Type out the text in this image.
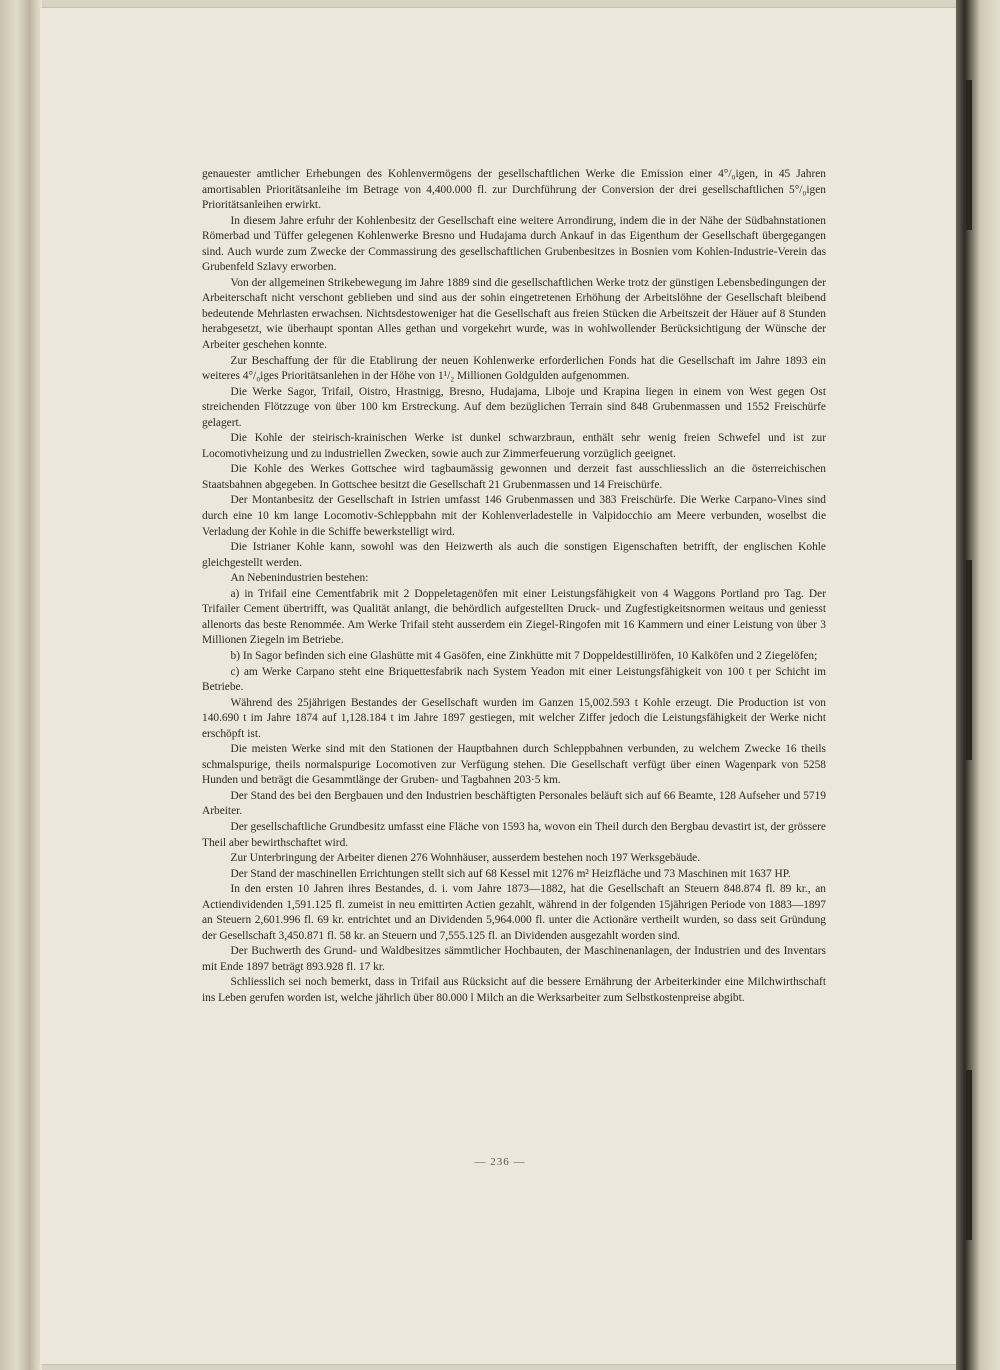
genauester amtlicher Erhebungen des Kohlenvermögens der gesellschaftlichen Werke die Emission einer 4°/₀igen, in 45 Jahren amortisablen Prioritätsanleihe im Betrage von 4,400.000 fl. zur Durchführung der Conversion der drei gesellschaftlichen 5°/₀igen Prioritätsanleihen erwirkt.

In diesem Jahre erfuhr der Kohlenbesitz der Gesellschaft eine weitere Arrondirung, indem die in der Nähe der Südbahnstationen Römerbad und Tüffer gelegenen Kohlenwerke Bresno und Hudajama durch Ankauf in das Eigenthum der Gesellschaft übergegangen sind. Auch wurde zum Zwecke der Commassirung des gesellschaftlichen Grubenbesitzes in Bosnien vom Kohlen-Industrie-Verein das Grubenfeld Szlavy erworben.

Von der allgemeinen Strikebewegung im Jahre 1889 sind die gesellschaftlichen Werke trotz der günstigen Lebensbedingungen der Arbeiterschaft nicht verschont geblieben und sind aus der sohin eingetretenen Erhöhung der Arbeitslöhne der Gesellschaft bleibend bedeutende Mehrlasten erwachsen. Nichtsdestoweniger hat die Gesellschaft aus freien Stücken die Arbeitszeit der Häuer auf 8 Stunden herabgesetzt, wie überhaupt spontan Alles gethan und vorgekehrt wurde, was in wohlwollender Berücksichtigung der Wünsche der Arbeiter geschehen konnte.

Zur Beschaffung der für die Etablirung der neuen Kohlenwerke erforderlichen Fonds hat die Gesellschaft im Jahre 1893 ein weiteres 4°/₀iges Prioritätsanlehen in der Höhe von 1¹/₂ Millionen Goldgulden aufgenommen.

Die Werke Sagor, Trifail, Oistro, Hrastnigg, Bresno, Hudajama, Liboje und Krapina liegen in einem von West gegen Ost streichenden Flötzzuge von über 100 km Erstreckung. Auf dem bezüglichen Terrain sind 848 Grubenmassen und 1552 Freischürfe gelagert.

Die Kohle der steirisch-krainischen Werke ist dunkel schwarzbraun, enthält sehr wenig freien Schwefel und ist zur Locomotivheizung und zu industriellen Zwecken, sowie auch zur Zimmerfeuerung vorzüglich geeignet.

Die Kohle des Werkes Gottschee wird tagbaumässig gewonnen und derzeit fast ausschliesslich an die österreichischen Staatsbahnen abgegeben. In Gottschee besitzt die Gesellschaft 21 Grubenmassen und 14 Freischürfe.

Der Montanbesitz der Gesellschaft in Istrien umfasst 146 Grubenmassen und 383 Freischürfe. Die Werke Carpano-Vines sind durch eine 10 km lange Locomotiv-Schleppbahn mit der Kohlenverladestelle in Valpidocchio am Meere verbunden, woselbst die Verladung der Kohle in die Schiffe bewerkstelligt wird.

Die Istrianer Kohle kann, sowohl was den Heizwerth als auch die sonstigen Eigenschaften betrifft, der englischen Kohle gleichgestellt werden.

An Nebenindustrien bestehen:

a) in Trifail eine Cementfabrik mit 2 Doppeletagenöfen mit einer Leistungsfähigkeit von 4 Waggons Portland pro Tag. Der Trifailer Cement übertrifft, was Qualität anlangt, die behördlich aufgestellten Druck- und Zugfestigkeitsnormen weitaus und geniesst allenorts das beste Renommée. Am Werke Trifail steht ausserdem ein Ziegel-Ringofen mit 16 Kammern und einer Leistung von über 3 Millionen Ziegeln im Betriebe.

b) In Sagor befinden sich eine Glashütte mit 4 Gasöfen, eine Zinkhütte mit 7 Doppeldestilliröfen, 10 Kalköfen und 2 Ziegelöfen;

c) am Werke Carpano steht eine Briquettesfabrik nach System Yeadon mit einer Leistungsfähigkeit von 100 t per Schicht im Betriebe.

Während des 25jährigen Bestandes der Gesellschaft wurden im Ganzen 15,002.593 t Kohle erzeugt. Die Production ist von 140.690 t im Jahre 1874 auf 1,128.184 t im Jahre 1897 gestiegen, mit welcher Ziffer jedoch die Leistungsfähigkeit der Werke nicht erschöpft ist.

Die meisten Werke sind mit den Stationen der Hauptbahnen durch Schleppbahnen verbunden, zu welchem Zwecke 16 theils schmalspurige, theils normalspurige Locomotiven zur Verfügung stehen. Die Gesellschaft verfügt über einen Wagenpark von 5258 Hunden und beträgt die Gesammtlänge der Gruben- und Tagbahnen 203·5 km.

Der Stand des bei den Bergbauen und den Industrien beschäftigten Personales beläuft sich auf 66 Beamte, 128 Aufseher und 5719 Arbeiter.

Der gesellschaftliche Grundbesitz umfasst eine Fläche von 1593 ha, wovon ein Theil durch den Bergbau devastirt ist, der grössere Theil aber bewirthschaftet wird.

Zur Unterbringung der Arbeiter dienen 276 Wohnhäuser, ausserdem bestehen noch 197 Werksgebäude.

Der Stand der maschinellen Errichtungen stellt sich auf 68 Kessel mit 1276 m² Heizfläche und 73 Maschinen mit 1637 HP.

In den ersten 10 Jahren ihres Bestandes, d. i. vom Jahre 1873—1882, hat die Gesellschaft an Steuern 848.874 fl. 89 kr., an Actiendividenden 1,591.125 fl. zumeist in neu emittirten Actien gezahlt, während in der folgenden 15jährigen Periode von 1883—1897 an Steuern 2,601.996 fl. 69 kr. entrichtet und an Dividenden 5,964.000 fl. unter die Actionäre vertheilt wurden, so dass seit Gründung der Gesellschaft 3,450.871 fl. 58 kr. an Steuern und 7,555.125 fl. an Dividenden ausgezahlt worden sind.

Der Buchwerth des Grund- und Waldbesitzes sämmtlicher Hochbauten, der Maschinenanlagen, der Industrien und des Inventars mit Ende 1897 beträgt 893.928 fl. 17 kr.

Schliesslich sei noch bemerkt, dass in Trifail aus Rücksicht auf die bessere Ernährung der Arbeiterkinder eine Milchwirthschaft ins Leben gerufen worden ist, welche jährlich über 80.000 l Milch an die Werksarbeiter zum Selbstkostenpreise abgibt.

— 236 —
